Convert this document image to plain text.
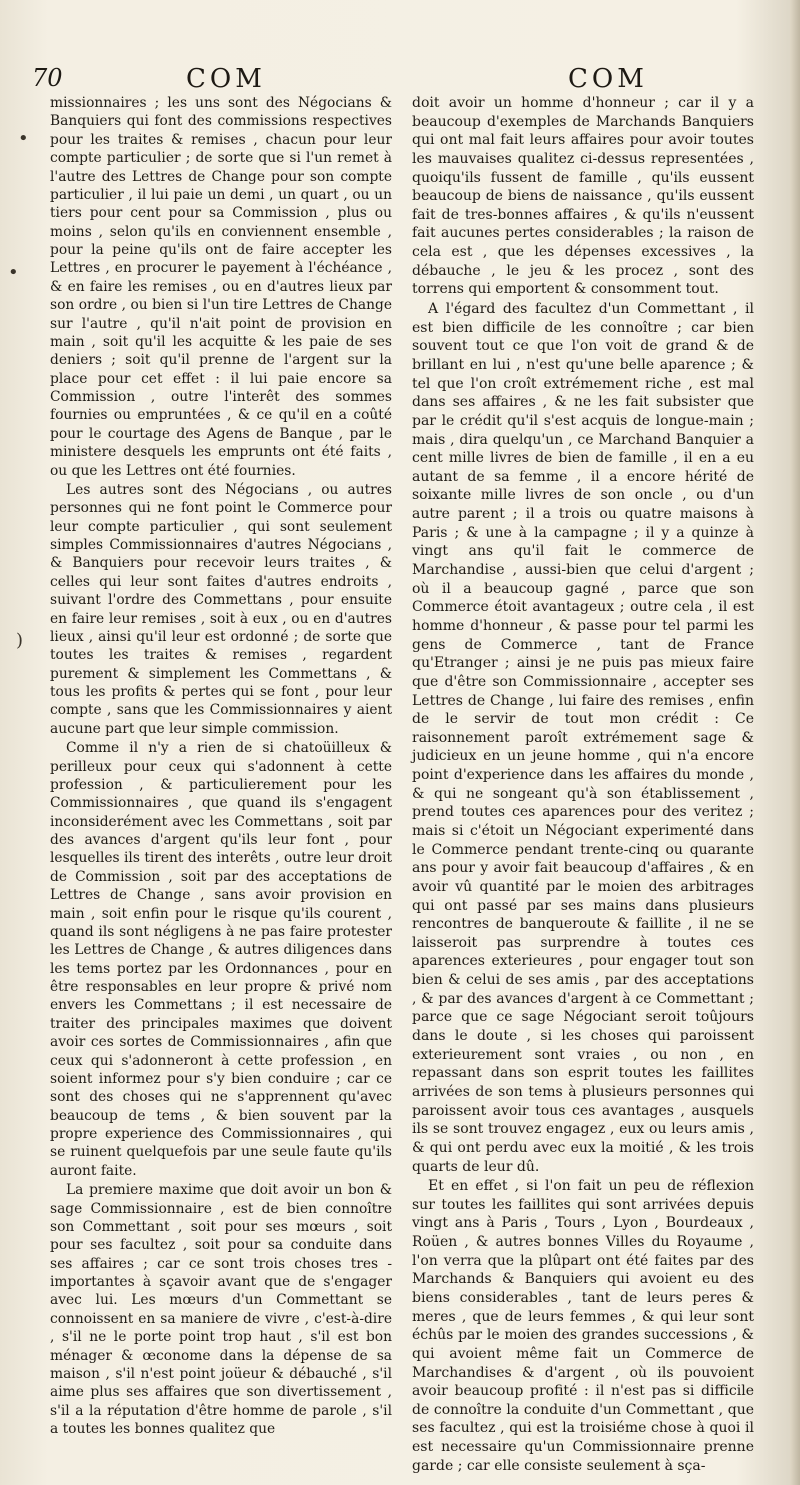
70	COM	COM
•
•
)

missionnaires ; les uns sont des Négocians & Banquiers qui font des commissions respectives pour les traites & remises , chacun pour leur compte particulier ; de sorte que si l'un remet à l'autre des Lettres de Change pour son compte particulier , il lui paie un demi , un quart , ou un tiers pour cent pour sa Commission , plus ou moins , selon qu'ils en conviennent ensemble , pour la peine qu'ils ont de faire accepter les Lettres , en procurer le payement à l'échéance , & en faire les remises , ou en d'autres lieux par son ordre , ou bien si l'un tire Lettres de Change sur l'autre , qu'il n'ait point de provision en main , soit qu'il les acquitte & les paie de ses deniers ; soit qu'il prenne de l'argent sur la place pour cet effet : il lui paie encore sa Commission , outre l'interêt des sommes fournies ou empruntées , & ce qu'il en a coûté pour le courtage des Agens de Banque , par le ministere desquels les emprunts ont été faits , ou que les Lettres ont été fournies.

Les autres sont des Négocians , ou autres personnes qui ne font point le Commerce pour leur compte particulier , qui sont seulement simples Commissionnaires d'autres Négocians , & Banquiers pour recevoir leurs traites , & celles qui leur sont faites d'autres endroits , suivant l'ordre des Commettans , pour ensuite en faire leur remises , soit à eux , ou en d'autres lieux , ainsi qu'il leur est ordonné ; de sorte que toutes les traites & remises , regardent purement & simplement les Commettans , & tous les profits & pertes qui se font , pour leur compte , sans que les Commissionnaires y aient aucune part que leur simple commission.

Comme il n'y a rien de si chatoüilleux & perilleux pour ceux qui s'adonnent à cette profession , & particulierement pour les Commissionnaires , que quand ils s'engagent inconsiderément avec les Commettans , soit par des avances d'argent qu'ils leur font , pour lesquelles ils tirent des interêts , outre leur droit de Commission , soit par des acceptations de Lettres de Change , sans avoir provision en main , soit enfin pour le risque qu'ils courent , quand ils sont négligens à ne pas faire protester les Lettres de Change , & autres diligences dans les tems portez par les Ordonnances , pour en être responsables en leur propre & privé nom envers les Commettans ; il est necessaire de traiter des principales maximes que doivent avoir ces sortes de Commissionnaires , afin que ceux qui s'adonneront à cette profession , en soient informez pour s'y bien conduire ; car ce sont des choses qui ne s'apprennent qu'avec beaucoup de tems , & bien souvent par la propre experience des Commissionnaires , qui se ruinent quelquefois par une seule faute qu'ils auront faite.

La premiere maxime que doit avoir un bon & sage Commissionnaire , est de bien connoître son Commettant , soit pour ses mœurs , soit pour ses facultez , soit pour sa conduite dans ses affaires ; car ce sont trois choses tres - importantes à sçavoir avant que de s'engager avec lui. Les mœurs d'un Commettant se connoissent en sa maniere de vivre , c'est-à-dire , s'il ne le porte point trop haut , s'il est bon ménager & œconome dans la dépense de sa maison , s'il n'est point joüeur & débauché , s'il aime plus ses affaires que son divertissement , s'il a la réputation d'être homme de parole , s'il a toutes les bonnes qualitez que

doit avoir un homme d'honneur ; car il y a beaucoup d'exemples de Marchands Banquiers qui ont mal fait leurs affaires pour avoir toutes les mauvaises qualitez ci-dessus representées , quoiqu'ils fussent de famille , qu'ils eussent beaucoup de biens de naissance , qu'ils eussent fait de tres-bonnes affaires , & qu'ils n'eussent fait aucunes pertes considerables ; la raison de cela est , que les dépenses excessives , la débauche , le jeu & les procez , sont des torrens qui emportent & consomment tout.

A l'égard des facultez d'un Commettant , il est bien difficile de les connoître ; car bien souvent tout ce que l'on voit de grand & de brillant en lui , n'est qu'une belle aparence ; & tel que l'on croît extrémement riche , est mal dans ses affaires , & ne les fait subsister que par le crédit qu'il s'est acquis de longue-main ; mais , dira quelqu'un , ce Marchand Banquier a cent mille livres de bien de famille , il en a eu autant de sa femme , il a encore hérité de soixante mille livres de son oncle , ou d'un autre parent ; il a trois ou quatre maisons à Paris ; & une à la campagne ; il y a quinze à vingt ans qu'il fait le commerce de Marchandise , aussi-bien que celui d'argent ; où il a beaucoup gagné , parce que son Commerce étoit avantageux ; outre cela , il est homme d'honneur , & passe pour tel parmi les gens de Commerce , tant de France qu'Etranger ; ainsi je ne puis pas mieux faire que d'être son Commissionnaire , accepter ses Lettres de Change , lui faire des remises , enfin de le servir de tout mon crédit : Ce raisonnement paroît extrémement sage & judicieux en un jeune homme , qui n'a encore point d'experience dans les affaires du monde , & qui ne songeant qu'à son établissement , prend toutes ces aparences pour des veritez ; mais si c'étoit un Négociant experimenté dans le Commerce pendant trente-cinq ou quarante ans pour y avoir fait beaucoup d'affaires , & en avoir vû quantité par le moien des arbitrages qui ont passé par ses mains dans plusieurs rencontres de banqueroute & faillite , il ne se laisseroit pas surprendre à toutes ces aparences exterieures , pour engager tout son bien & celui de ses amis , par des acceptations , & par des avances d'argent à ce Commettant ; parce que ce sage Négociant seroit toûjours dans le doute , si les choses qui paroissent exterieurement sont vraies , ou non , en repassant dans son esprit toutes les faillites arrivées de son tems à plusieurs personnes qui paroissent avoir tous ces avantages , ausquels ils se sont trouvez engagez , eux ou leurs amis , & qui ont perdu avec eux la moitié , & les trois quarts de leur dû.

Et en effet , si l'on fait un peu de réflexion sur toutes les faillites qui sont arrivées depuis vingt ans à Paris , Tours , Lyon , Bourdeaux , Roüen , & autres bonnes Villes du Royaume , l'on verra que la plûpart ont été faites par des Marchands & Banquiers qui avoient eu des biens considerables , tant de leurs peres & meres , que de leurs femmes , & qui leur sont échûs par le moien des grandes successions , & qui avoient même fait un Commerce de Marchandises & d'argent , où ils pouvoient avoir beaucoup profité : il n'est pas si difficile de connoître la conduite d'un Commettant , que ses facultez , qui est la troisiéme chose à quoi il est necessaire qu'un Commissionnaire prenne garde ; car elle consiste seulement à sça-
